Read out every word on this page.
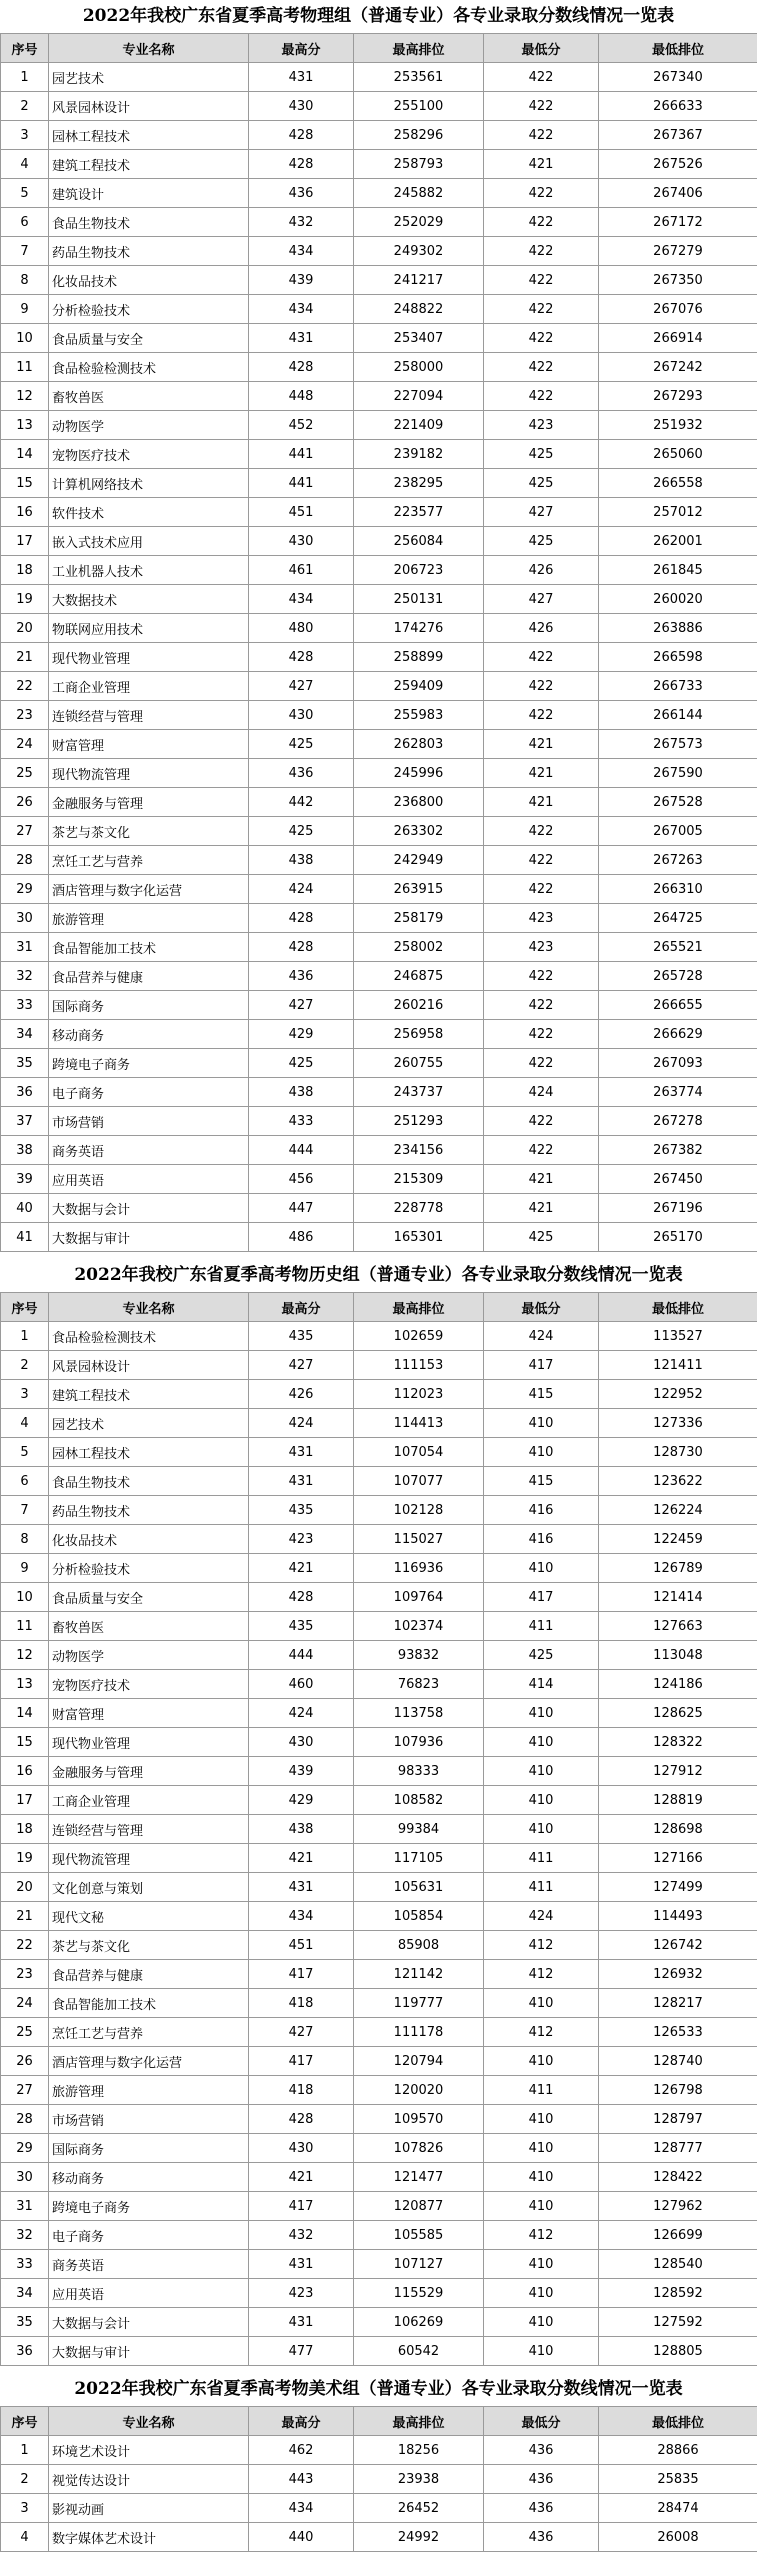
2022年我校广东省夏季高考物理组（普通专业）各专业录取分数线情况一览表
序号	专业名称	最高分	最高排位	最低分	最低排位
1	园艺技术	431	253561	422	267340
2	风景园林设计	430	255100	422	266633
3	园林工程技术	428	258296	422	267367
4	建筑工程技术	428	258793	421	267526
5	建筑设计	436	245882	422	267406
6	食品生物技术	432	252029	422	267172
7	药品生物技术	434	249302	422	267279
8	化妆品技术	439	241217	422	267350
9	分析检验技术	434	248822	422	267076
10	食品质量与安全	431	253407	422	266914
11	食品检验检测技术	428	258000	422	267242
12	畜牧兽医	448	227094	422	267293
13	动物医学	452	221409	423	251932
14	宠物医疗技术	441	239182	425	265060
15	计算机网络技术	441	238295	425	266558
16	软件技术	451	223577	427	257012
17	嵌入式技术应用	430	256084	425	262001
18	工业机器人技术	461	206723	426	261845
19	大数据技术	434	250131	427	260020
20	物联网应用技术	480	174276	426	263886
21	现代物业管理	428	258899	422	266598
22	工商企业管理	427	259409	422	266733
23	连锁经营与管理	430	255983	422	266144
24	财富管理	425	262803	421	267573
25	现代物流管理	436	245996	421	267590
26	金融服务与管理	442	236800	421	267528
27	茶艺与茶文化	425	263302	422	267005
28	烹饪工艺与营养	438	242949	422	267263
29	酒店管理与数字化运营	424	263915	422	266310
30	旅游管理	428	258179	423	264725
31	食品智能加工技术	428	258002	423	265521
32	食品营养与健康	436	246875	422	265728
33	国际商务	427	260216	422	266655
34	移动商务	429	256958	422	266629
35	跨境电子商务	425	260755	422	267093
36	电子商务	438	243737	424	263774
37	市场营销	433	251293	422	267278
38	商务英语	444	234156	422	267382
39	应用英语	456	215309	421	267450
40	大数据与会计	447	228778	421	267196
41	大数据与审计	486	165301	425	265170
2022年我校广东省夏季高考物历史组（普通专业）各专业录取分数线情况一览表
序号	专业名称	最高分	最高排位	最低分	最低排位
1	食品检验检测技术	435	102659	424	113527
2	风景园林设计	427	111153	417	121411
3	建筑工程技术	426	112023	415	122952
4	园艺技术	424	114413	410	127336
5	园林工程技术	431	107054	410	128730
6	食品生物技术	431	107077	415	123622
7	药品生物技术	435	102128	416	126224
8	化妆品技术	423	115027	416	122459
9	分析检验技术	421	116936	410	126789
10	食品质量与安全	428	109764	417	121414
11	畜牧兽医	435	102374	411	127663
12	动物医学	444	93832	425	113048
13	宠物医疗技术	460	76823	414	124186
14	财富管理	424	113758	410	128625
15	现代物业管理	430	107936	410	128322
16	金融服务与管理	439	98333	410	127912
17	工商企业管理	429	108582	410	128819
18	连锁经营与管理	438	99384	410	128698
19	现代物流管理	421	117105	411	127166
20	文化创意与策划	431	105631	411	127499
21	现代文秘	434	105854	424	114493
22	茶艺与茶文化	451	85908	412	126742
23	食品营养与健康	417	121142	412	126932
24	食品智能加工技术	418	119777	410	128217
25	烹饪工艺与营养	427	111178	412	126533
26	酒店管理与数字化运营	417	120794	410	128740
27	旅游管理	418	120020	411	126798
28	市场营销	428	109570	410	128797
29	国际商务	430	107826	410	128777
30	移动商务	421	121477	410	128422
31	跨境电子商务	417	120877	410	127962
32	电子商务	432	105585	412	126699
33	商务英语	431	107127	410	128540
34	应用英语	423	115529	410	128592
35	大数据与会计	431	106269	410	127592
36	大数据与审计	477	60542	410	128805
2022年我校广东省夏季高考物美术组（普通专业）各专业录取分数线情况一览表
序号	专业名称	最高分	最高排位	最低分	最低排位
1	环境艺术设计	462	18256	436	28866
2	视觉传达设计	443	23938	436	25835
3	影视动画	434	26452	436	28474
4	数字媒体艺术设计	440	24992	436	26008
